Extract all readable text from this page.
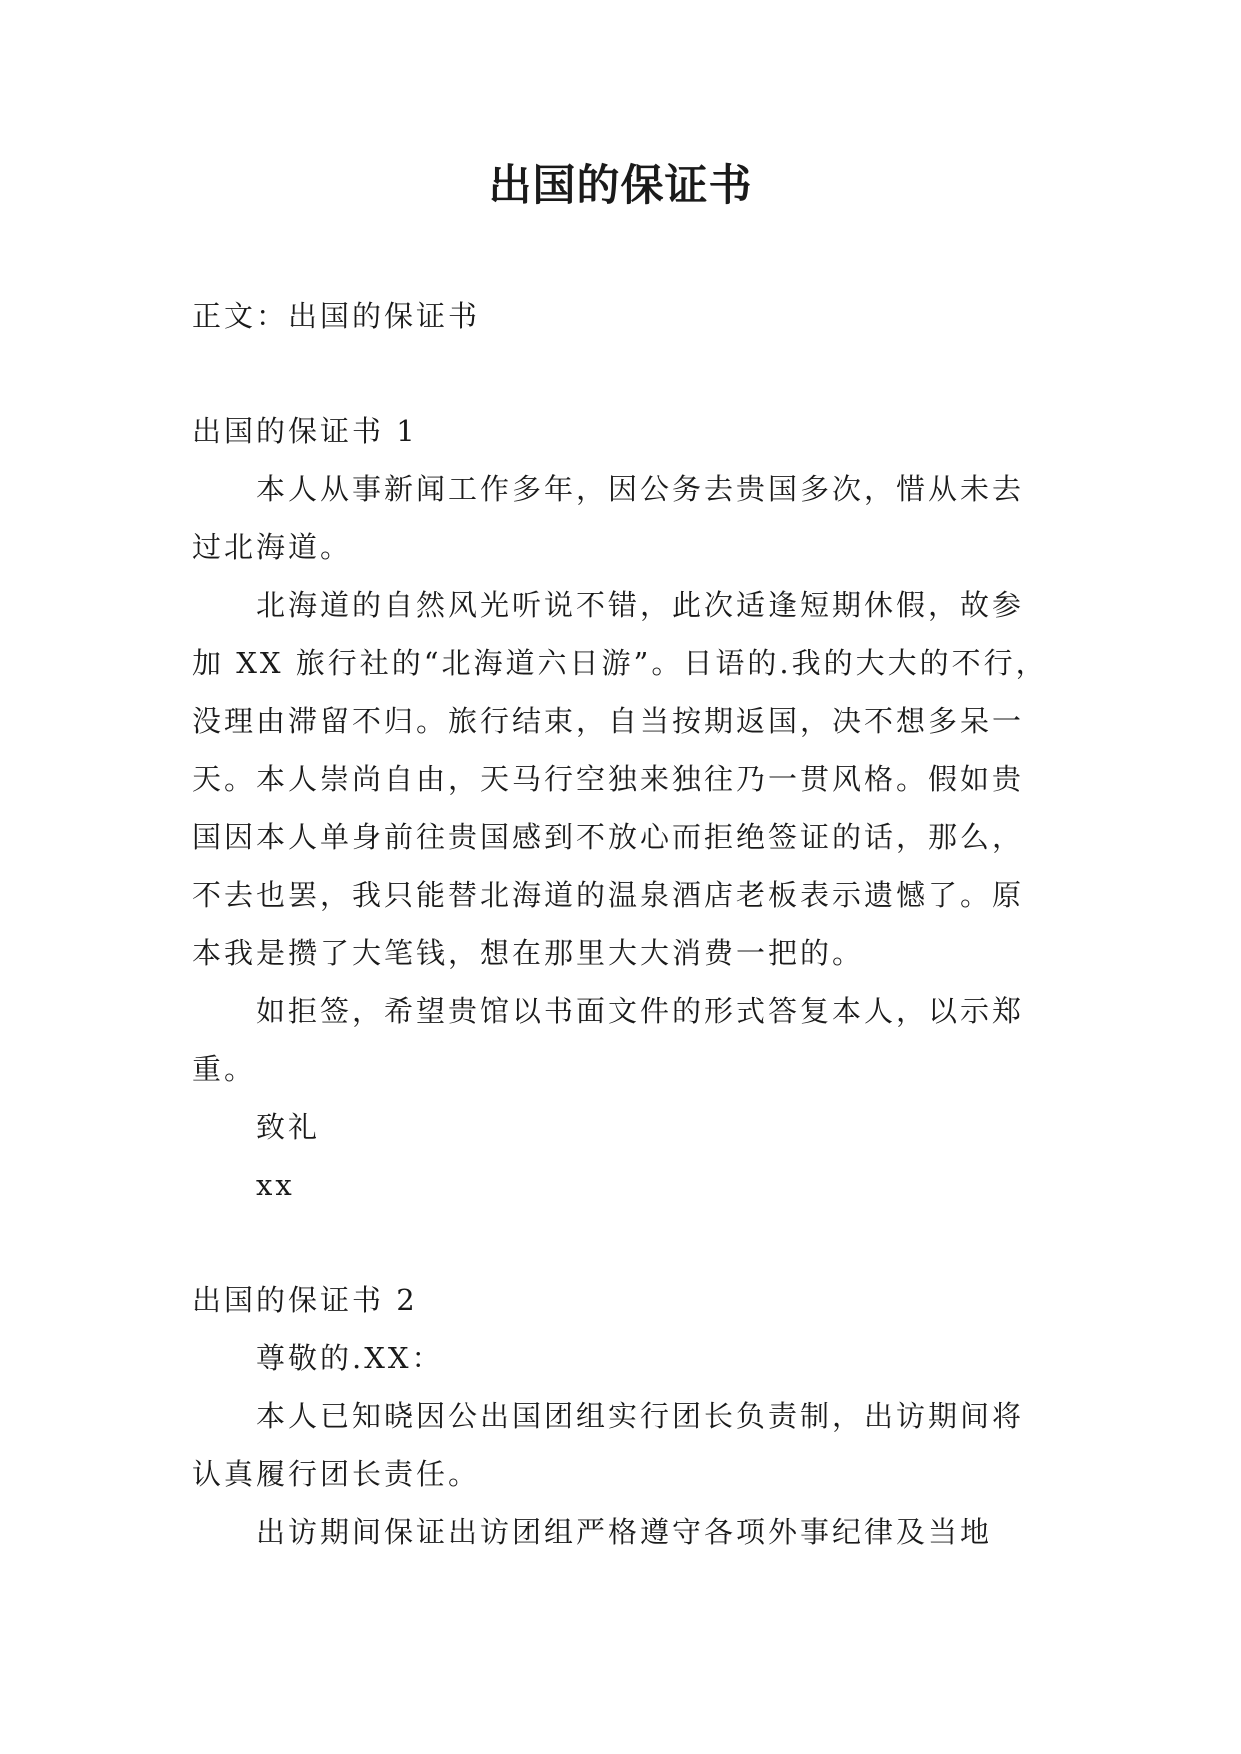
出国的保证书
正文：出国的保证书
出国的保证书 1
本人从事新闻工作多年，因公务去贵国多次，惜从未去
过北海道。
北海道的自然风光听说不错，此次适逢短期休假，故参
加 XX 旅行社的“北海道六日游”。日语的.我的大大的不行，
没理由滞留不归。旅行结束，自当按期返国，决不想多呆一
天。本人崇尚自由，天马行空独来独往乃一贯风格。假如贵
国因本人单身前往贵国感到不放心而拒绝签证的话，那么，
不去也罢，我只能替北海道的温泉酒店老板表示遗憾了。原
本我是攒了大笔钱，想在那里大大消费一把的。
如拒签，希望贵馆以书面文件的形式答复本人，以示郑
重。
致礼
xx
出国的保证书 2
尊敬的.XX：
本人已知晓因公出国团组实行团长负责制，出访期间将
认真履行团长责任。
出访期间保证出访团组严格遵守各项外事纪律及当地
